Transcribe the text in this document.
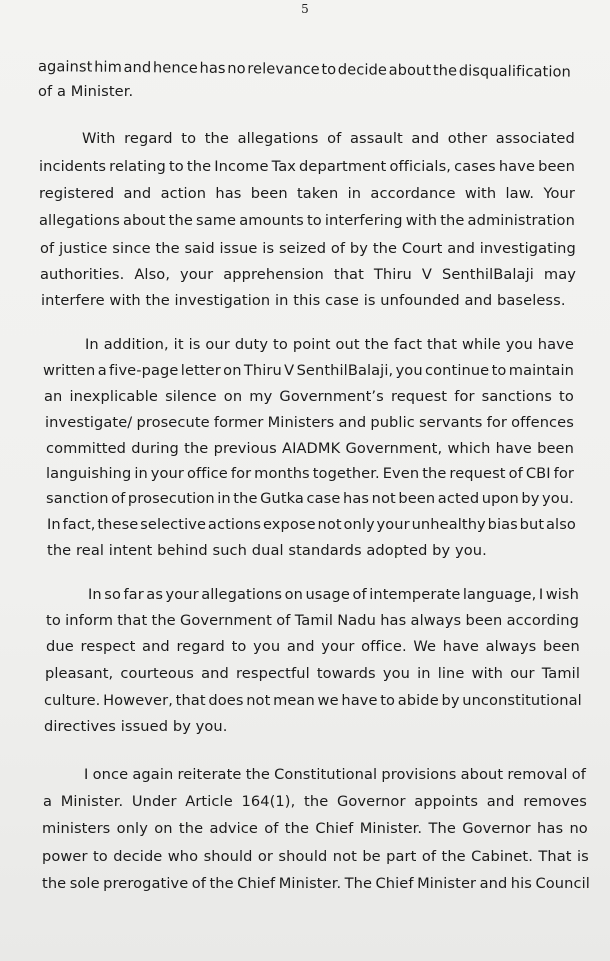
5
against him and hence has no relevance to decide about the disqualification
of a Minister.
With regard to the allegations of assault and other associated
incidents relating to the Income Tax department officials, cases have been
registered and action has been taken in accordance with law. Your
allegations about the same amounts to interfering with the administration
of justice since the said issue is seized of by the Court and investigating
authorities. Also, your apprehension that Thiru V SenthilBalaji may
interfere with the investigation in this case is unfounded and baseless.
In addition, it is our duty to point out the fact that while you have
written a five-page letter on Thiru V SenthilBalaji, you continue to maintain
an inexplicable silence on my Government’s request for sanctions to
investigate/ prosecute former Ministers and public servants for offences
committed during the previous AIADMK Government, which have been
languishing in your office for months together. Even the request of CBI for
sanction of prosecution in the Gutka case has not been acted upon by you.
In fact, these selective actions expose not only your unhealthy bias but also
the real intent behind such dual standards adopted by you.
In so far as your allegations on usage of intemperate language, I wish
to inform that the Government of Tamil Nadu has always been according
due respect and regard to you and your office. We have always been
pleasant, courteous and respectful towards you in line with our Tamil
culture. However, that does not mean we have to abide by unconstitutional
directives issued by you.
I once again reiterate the Constitutional provisions about removal of
a Minister. Under Article 164(1), the Governor appoints and removes
ministers only on the advice of the Chief Minister. The Governor has no
power to decide who should or should not be part of the Cabinet. That is
the sole prerogative of the Chief Minister. The Chief Minister and his Council
